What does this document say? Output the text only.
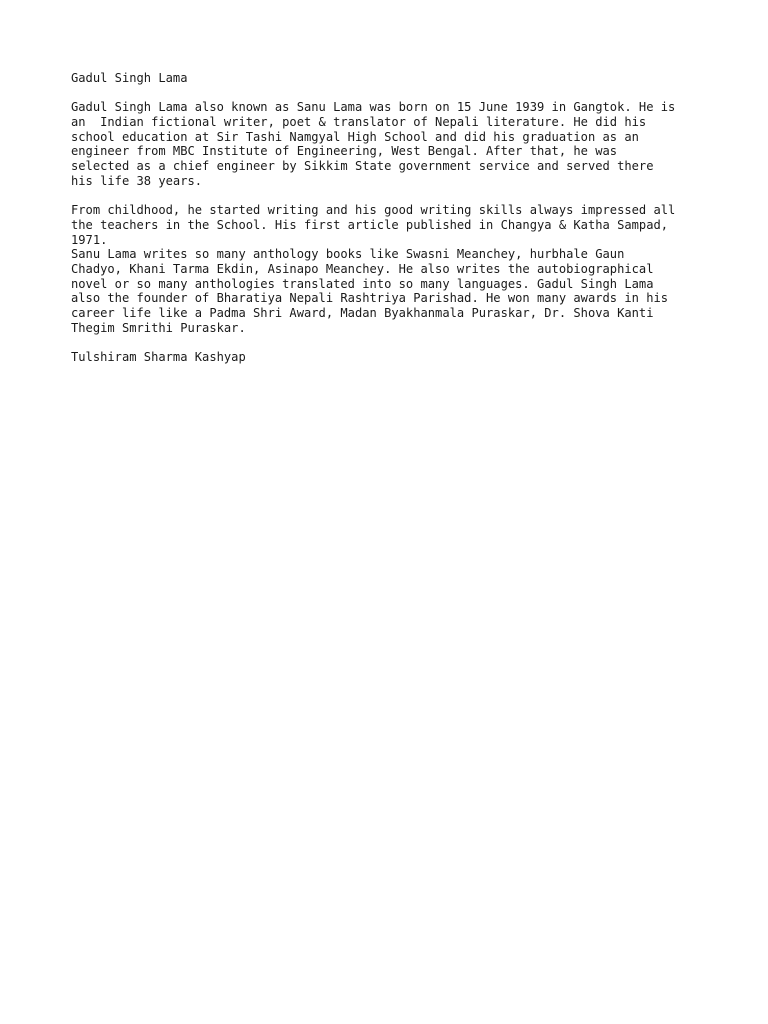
Gadul Singh Lama
Gadul Singh Lama also known as Sanu Lama was born on 15 June 1939 in Gangtok. He is
an  Indian fictional writer, poet & translator of Nepali literature. He did his
school education at Sir Tashi Namgyal High School and did his graduation as an
engineer from MBC Institute of Engineering, West Bengal. After that, he was
selected as a chief engineer by Sikkim State government service and served there
his life 38 years.
From childhood, he started writing and his good writing skills always impressed all
the teachers in the School. His first article published in Changya & Katha Sampad,
1971.
Sanu Lama writes so many anthology books like Swasni Meanchey, hurbhale Gaun
Chadyo, Khani Tarma Ekdin, Asinapo Meanchey. He also writes the autobiographical
novel or so many anthologies translated into so many languages. Gadul Singh Lama
also the founder of Bharatiya Nepali Rashtriya Parishad. He won many awards in his
career life like a Padma Shri Award, Madan Byakhanmala Puraskar, Dr. Shova Kanti
Thegim Smrithi Puraskar.
Tulshiram Sharma Kashyap
